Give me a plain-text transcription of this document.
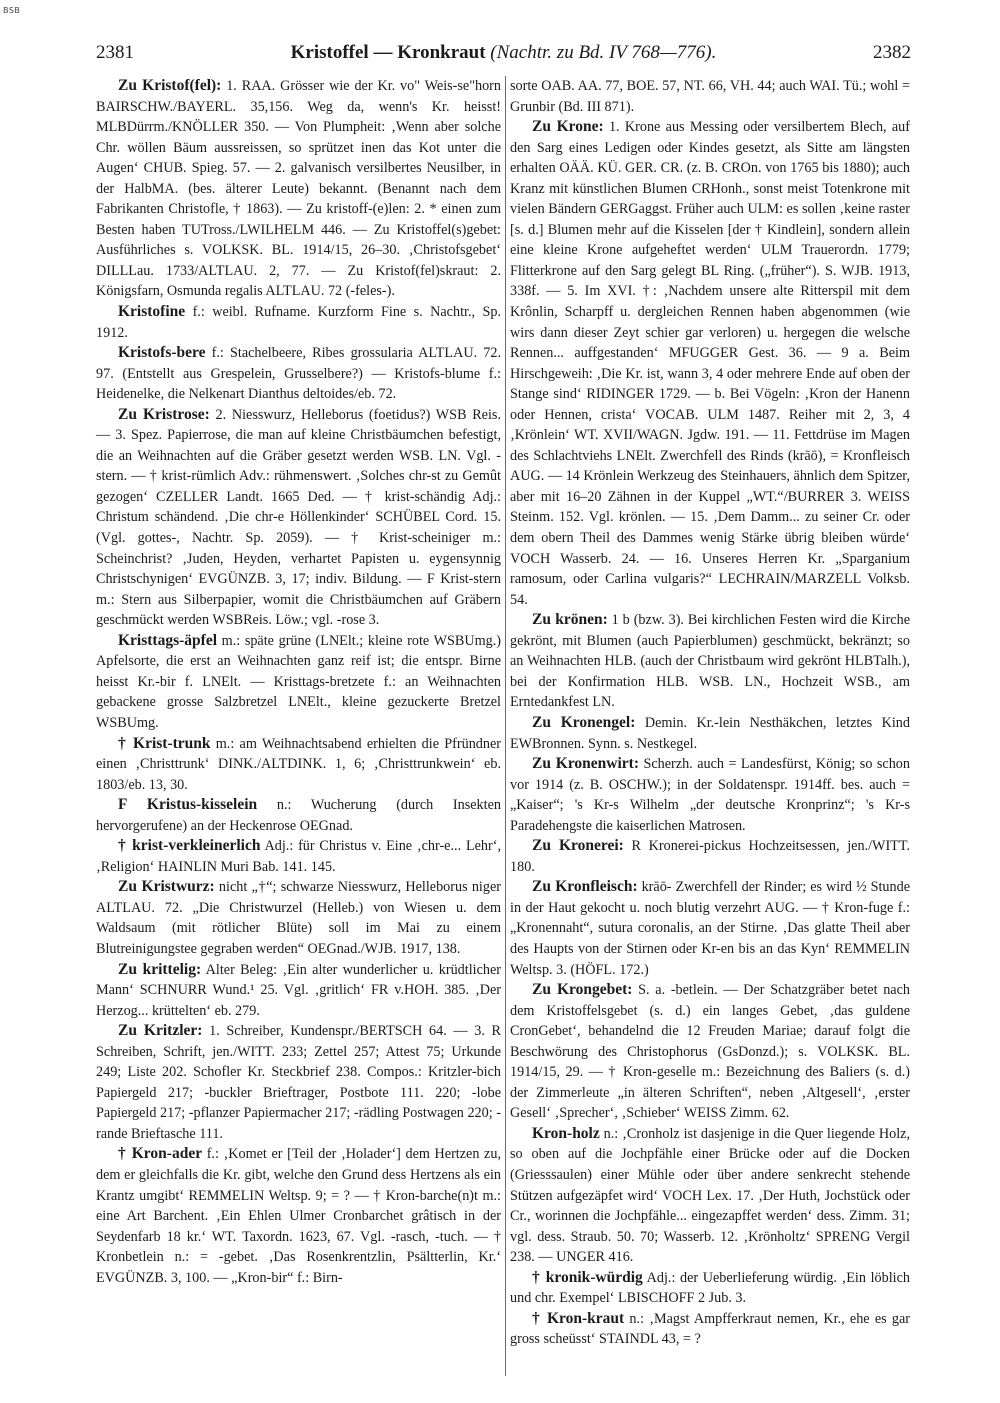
BSB
2381	Kristoffel — Kronkraut (Nachtr. zu Bd. IV 768—776).	2382

Zu Kristof(fel): 1. RAA. Grösser wie der Kr. vo" Weis-se"horn BAIRSCHW./BAYERL. 35,156. Weg da, wenn's Kr. heisst! MLBDürrm./KNÖLLER 350. — Von Plumpheit: ‚Wenn aber solche Chr. wöllen Bäum aussreissen, so sprützet inen das Kot unter die Augen‘ CHUB. Spieg. 57. — 2. galvanisch versilbertes Neusilber, in der HalbMA. (bes. älterer Leute) bekannt. (Benannt nach dem Fabrikanten Christofle, † 1863). — Zu kristoff-(e)len: 2. * einen zum Besten haben TUTross./LWILHELM 446. — Zu Kristoffel(s)gebet: Ausführliches s. VOLKSK. BL. 1914/15, 26–30. ‚Christofsgebet‘ DILLLau. 1733/ALTLAU. 2, 77. — Zu Kristof(fel)skraut: 2. Königsfarn, Osmunda regalis ALTLAU. 72 (-feles-).

Kristofine f.: weibl. Rufname. Kurzform Fine s. Nachtr., Sp. 1912.

Kristofs-bere f.: Stachelbeere, Ribes grossularia ALTLAU. 72. 97. (Entstellt aus Grespelein, Grusselbere?) — Kristofs-blume f.: Heidenelke, die Nelkenart Dianthus deltoides/eb. 72.

Zu Kristrose: 2. Niesswurz, Helleborus (foetidus?) WSB Reis. — 3. Spez. Papierrose, die man auf kleine Christbäumchen befestigt, die an Weihnachten auf die Gräber gesetzt werden WSB. LN. Vgl. -stern. — † krist-rümlich Adv.: rühmenswert. ‚Solches chr-st zu Gemût gezogen‘ CZELLER Landt. 1665 Ded. — † krist-schändig Adj.: Christum schändend. ‚Die chr-e Höllenkinder‘ SCHÜBEL Cord. 15. (Vgl. gottes-, Nachtr. Sp. 2059). — † Krist-scheiniger m.: Scheinchrist? ‚Juden, Heyden, verhartet Papisten u. eygensynnig Christschynigen‘ EVGÜNZB. 3, 17; indiv. Bildung. — F Krist-stern m.: Stern aus Silberpapier, womit die Christbäumchen auf Gräbern geschmückt werden WSBReis. Löw.; vgl. -rose 3.

Kristtags-äpfel m.: späte grüne (LNElt.; kleine rote WSBUmg.) Apfelsorte, die erst an Weihnachten ganz reif ist; die entspr. Birne heisst Kr.-bir f. LNElt. — Kristtags-bretzete f.: an Weihnachten gebackene grosse Salzbretzel LNElt., kleine gezuckerte Bretzel WSBUmg.

† Krist-trunk m.: am Weihnachtsabend erhielten die Pfründner einen ‚Christtrunk‘ DINK./ALTDINK. 1, 6; ‚Christtrunkwein‘ eb. 1803/eb. 13, 30.

F Kristus-kisselein n.: Wucherung (durch Insekten hervorgerufene) an der Heckenrose OEGnad.

† krist-verkleinerlich Adj.: für Christus v. Eine ‚chr-e... Lehr‘, ‚Religion‘ HAINLIN Muri Bab. 141. 145.

Zu Kristwurz: nicht „†“; schwarze Niesswurz, Helleborus niger ALTLAU. 72. „Die Christwurzel (Helleb.) von Wiesen u. dem Waldsaum (mit rötlicher Blüte) soll im Mai zu einem Blutreinigungstee gegraben werden“ OEGnad./WJB. 1917, 138.

Zu krittelig: Alter Beleg: ‚Ein alter wunderlicher u. krüdtlicher Mann‘ SCHNURR Wund.¹ 25. Vgl. ‚gritlich‘ FR v.HOH. 385. ‚Der Herzog... krüttelten‘ eb. 279.

Zu Kritzler: 1. Schreiber, Kundenspr./BERTSCH 64. — 3. R Schreiben, Schrift, jen./WITT. 233; Zettel 257; Attest 75; Urkunde 249; Liste 202. Schofler Kr. Steckbrief 238. Compos.: Kritzler-bich Papiergeld 217; -buckler Brieftrager, Postbote 111. 220; -lobe Papiergeld 217; -pflanzer Papiermacher 217; -rädling Postwagen 220; -rande Brieftasche 111.

† Kron-ader f.: ‚Komet er [Teil der ‚Holader‘] dem Hertzen zu, dem er gleichfalls die Kr. gibt, welche den Grund dess Hertzens als ein Krantz umgibt‘ REMMELIN Weltsp. 9; = ? — † Kron-barche(n)t m.: eine Art Barchent. ‚Ein Ehlen Ulmer Cronbarchet grâtisch in der Seydenfarb 18 kr.‘ WT. Taxordn. 1623, 67. Vgl. -rasch, -tuch. — † Kronbetlein n.: = -gebet. ‚Das Rosenkrentzlin, Psältterlin, Kr.‘ EVGÜNZB. 3, 100. — „Kron-bir“ f.: Birn-

sorte OAB. AA. 77, BOE. 57, NT. 66, VH. 44; auch WAI. Tü.; wohl = Grunbir (Bd. III 871).

Zu Krone: 1. Krone aus Messing oder versilbertem Blech, auf den Sarg eines Ledigen oder Kindes gesetzt, als Sitte am längsten erhalten OÄÄ. KÜ. GER. CR. (z. B. CROn. von 1765 bis 1880); auch Kranz mit künstlichen Blumen CRHonh., sonst meist Totenkrone mit vielen Bändern GERGaggst. Früher auch ULM: es sollen ‚keine raster [s. d.] Blumen mehr auf die Kisselen [der † Kindlein], sondern allein eine kleine Krone aufgeheftet werden‘ ULM Trauerordn. 1779; Flitterkrone auf den Sarg gelegt BL Ring. („früher“). S. WJB. 1913, 338f. — 5. Im XVI. †: ‚Nachdem unsere alte Ritterspil mit dem Krônlin, Scharpff u. dergleichen Rennen haben abgenommen (wie wirs dann dieser Zeyt schier gar verloren) u. hergegen die welsche Rennen... auffgestanden‘ MFUGGER Gest. 36. — 9 a. Beim Hirschgeweih: ‚Die Kr. ist, wann 3, 4 oder mehrere Ende auf oben der Stange sind‘ RIDINGER 1729. — b. Bei Vögeln: ‚Kron der Hanenn oder Hennen, crista‘ VOCAB. ULM 1487. Reiher mit 2, 3, 4 ‚Krönlein‘ WT. XVII/WAGN. Jgdw. 191. — 11. Fettdrüse im Magen des Schlachtviehs LNElt. Zwerchfell des Rinds (krāō), = Kronfleisch AUG. — 14 Krönlein Werkzeug des Steinhauers, ähnlich dem Spitzer, aber mit 16–20 Zähnen in der Kuppel „WT.“/BURRER 3. WEISS Steinm. 152. Vgl. krönlen. — 15. ‚Dem Damm... zu seiner Cr. oder dem obern Theil des Dammes wenig Stärke übrig bleiben würde‘ VOCH Wasserb. 24. — 16. Unseres Herren Kr. „Sparganium ramosum, oder Carlina vulgaris?“ LECHRAIN/MARZELL Volksb. 54.

Zu krönen: 1 b (bzw. 3). Bei kirchlichen Festen wird die Kirche gekrönt, mit Blumen (auch Papierblumen) geschmückt, bekränzt; so an Weihnachten HLB. (auch der Christbaum wird gekrönt HLBTalh.), bei der Konfirmation HLB. WSB. LN., Hochzeit WSB., am Erntedankfest LN.

Zu Kronengel: Demin. Kr.-lein Nesthäkchen, letztes Kind EWBronnen. Synn. s. Nestkegel.

Zu Kronenwirt: Scherzh. auch = Landesfürst, König; so schon vor 1914 (z. B. OSCHW.); in der Soldatenspr. 1914ff. bes. auch = „Kaiser“; 's Kr-s Wilhelm „der deutsche Kronprinz“; 's Kr-s Paradehengste die kaiserlichen Matrosen.

Zu Kronerei: R Kronerei-pickus Hochzeitsessen, jen./WITT. 180.

Zu Kronfleisch: krāō- Zwerchfell der Rinder; es wird ½ Stunde in der Haut gekocht u. noch blutig verzehrt AUG. — † Kron-fuge f.: „Kronennaht“, sutura coronalis, an der Stirne. ‚Das glatte Theil aber des Haupts von der Stirnen oder Kr-en bis an das Kyn‘ REMMELIN Weltsp. 3. (HÖFL. 172.)

Zu Krongebet: S. a. -betlein. — Der Schatzgräber betet nach dem Kristoffelsgebet (s. d.) ein langes Gebet, ‚das guldene CronGebet‘, behandelnd die 12 Freuden Mariae; darauf folgt die Beschwörung des Christophorus (GsDonzd.); s. VOLKSK. BL. 1914/15, 29. — † Kron-geselle m.: Bezeichnung des Baliers (s. d.) der Zimmerleute „in älteren Schriften“, neben ‚Altgesell‘, ‚erster Gesell‘ ‚Sprecher‘, ‚Schieber‘ WEISS Zimm. 62.

Kron-holz n.: ‚Cronholz ist dasjenige in die Quer liegende Holz, so oben auf die Jochpfähle einer Brücke oder auf die Docken (Griesssaulen) einer Mühle oder über andere senkrecht stehende Stützen aufgezäpfet wird‘ VOCH Lex. 17. ‚Der Huth, Jochstück oder Cr., worinnen die Jochpfähle... eingezapffet werden‘ dess. Zimm. 31; vgl. dess. Straub. 50. 70; Wasserb. 12. ‚Krönholtz‘ SPRENG Vergil 238. — UNGER 416.

† kronik-würdig Adj.: der Ueberlieferung würdig. ‚Ein löblich und chr. Exempel‘ LBISCHOFF 2 Jub. 3.

† Kron-kraut n.: ‚Magst Ampfferkraut nemen, Kr., ehe es gar gross scheüsst‘ STAINDL 43, = ?
